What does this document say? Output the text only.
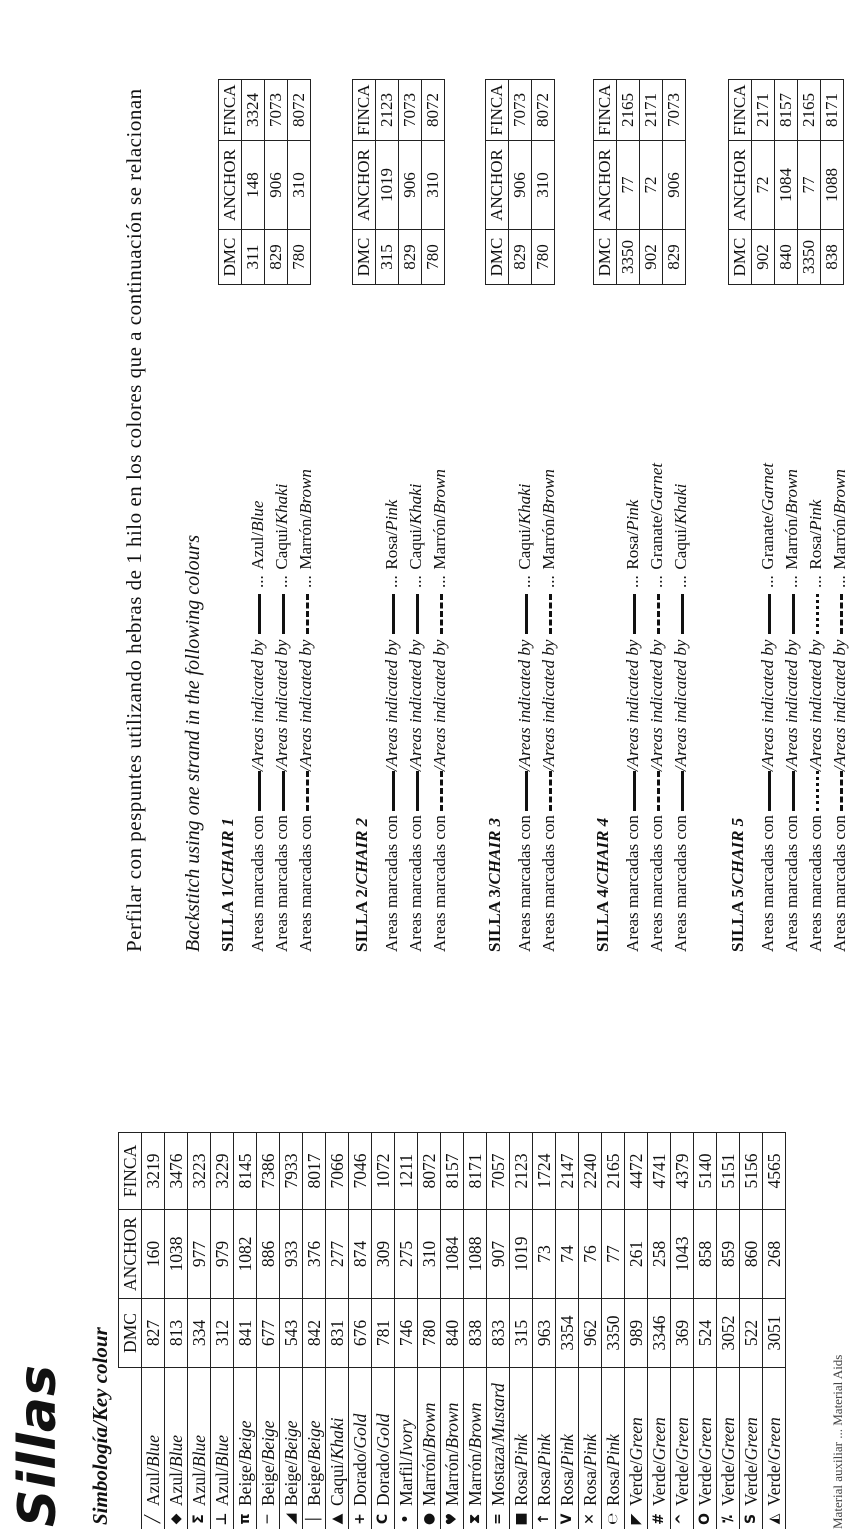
Sillas Simbología/Key colour
		DMC	ANCHOR	FINCA
╱	Azul/Blue	827	160	3219
◆	Azul/Blue	813	1038	3476
Σ	Azul/Blue	334	977	3223
⊥	Azul/Blue	312	979	3229
π	Beige/Beige	841	1082	8145
─	Beige/Beige	677	886	7386
◢	Beige/Beige	543	933	7933
│	Beige/Beige	842	376	8017
▲	Caqui/Khaki	831	277	7066
+	Dorado/Gold	676	874	7046
C	Dorado/Gold	781	309	1072
•	Marfil/Ivory	746	275	1211
●	Marrón/Brown	780	310	8072
♥	Marrón/Brown	840	1084	8157
⧗	Marrón/Brown	838	1088	8171
=	Mostaza/Mustard	833	907	7057
■	Rosa/Pink	315	1019	2123
↑	Rosa/Pink	963	73	1724
V	Rosa/Pink	3354	74	2147
✕	Rosa/Pink	962	76	2240
℮	Rosa/Pink	3350	77	2165
◤	Verde/Green	989	261	4472
#	Verde/Green	3346	258	4741
^	Verde/Green	369	1043	4379
O	Verde/Green	524	858	5140
⁒	Verde/Green	3052	859	5151
S	Verde/Green	522	860	5156
◭	Verde/Green	3051	268	4565
Perfilar con pespuntes utilizando hebras de 1 hilo en los colores que a continuación se relacionan Backstitch using one strand in the following colours SILLA 1/CHAIR 1 Areas marcadas con/Areas indicated by...Azul/Blue
Areas marcadas con/Areas indicated by...Caqui/Khaki
Areas marcadas con/Areas indicated by...Marrón/Brown
DMC	ANCHOR	FINCA
311	148	3324
829	906	7073
780	310	8072
SILLA 2/CHAIR 2 Areas marcadas con/Areas indicated by...Rosa/Pink
Areas marcadas con/Areas indicated by...Caqui/Khaki
Areas marcadas con/Areas indicated by...Marrón/Brown
DMC	ANCHOR	FINCA
315	1019	2123
829	906	7073
780	310	8072
SILLA 3/CHAIR 3 Areas marcadas con/Areas indicated by...Caqui/Khaki
Areas marcadas con/Areas indicated by...Marrón/Brown
DMC	ANCHOR	FINCA
829	906	7073
780	310	8072
SILLA 4/CHAIR 4 Areas marcadas con/Areas indicated by...Rosa/Pink
Areas marcadas con/Areas indicated by...Granate/Garnet
Areas marcadas con/Areas indicated by...Caqui/Khaki
DMC	ANCHOR	FINCA
3350	77	2165
902	72	2171
829	906	7073
SILLA 5/CHAIR 5 Areas marcadas con/Areas indicated by...Granate/Garnet
Areas marcadas con/Areas indicated by...Marrón/Brown
Areas marcadas con/Areas indicated by...Rosa/Pink
Areas marcadas con/Areas indicated by...Marrón/Brown
DMC	ANCHOR	FINCA
902	72	2171
840	1084	8157
3350	77	2165
838	1088	8171
Material auxiliar ... Material Aids
